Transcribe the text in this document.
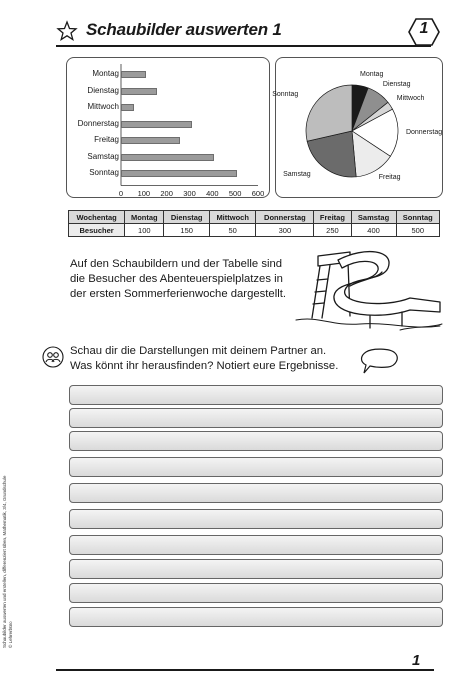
Schaubilder auswerten 1	1
Montag
Dienstag
Mittwoch
Donnerstag
Freitag
Samstag
Sonntag
0	100	200	300	400	500	600
Montag
Dienstag
Mittwoch
Donnerstag
Freitag
Samstag
Sonntag
Wochentag	Montag	Dienstag	Mittwoch	Donnerstag	Freitag	Samstag	Sonntag
Besucher	100	150	50	300	250	400	500
Auf den Schaubildern und der Tabelle sind die Besucher des Abenteuerspielplatzes in der ersten Sommerferienwoche dargestellt.
Schau dir die Darstellungen mit deinem Partner an.
Was könnt ihr herausfinden? Notiert eure Ergebnisse.
Schaubilder auswerten und erstellen, differenziert üben, Mathematik, 3/4, Grundschule © Lehrerbüro
1
